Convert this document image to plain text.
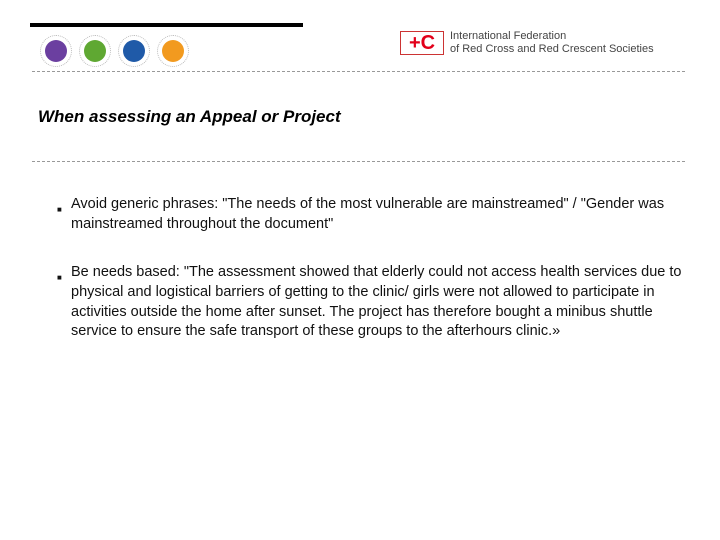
+C	International Federation
of Red Cross and Red Crescent Societies
When assessing an Appeal or Project
■ Avoid generic phrases: "The needs of the most vulnerable are mainstreamed" / "Gender was mainstreamed throughout the document"
■ Be needs based: "The assessment showed that elderly could not access health services due to physical and logistical barriers of getting to the clinic/ girls were not allowed to participate in activities outside the home after sunset. The project has therefore bought a minibus shuttle service to ensure the safe transport of these groups to the afterhours clinic.»
